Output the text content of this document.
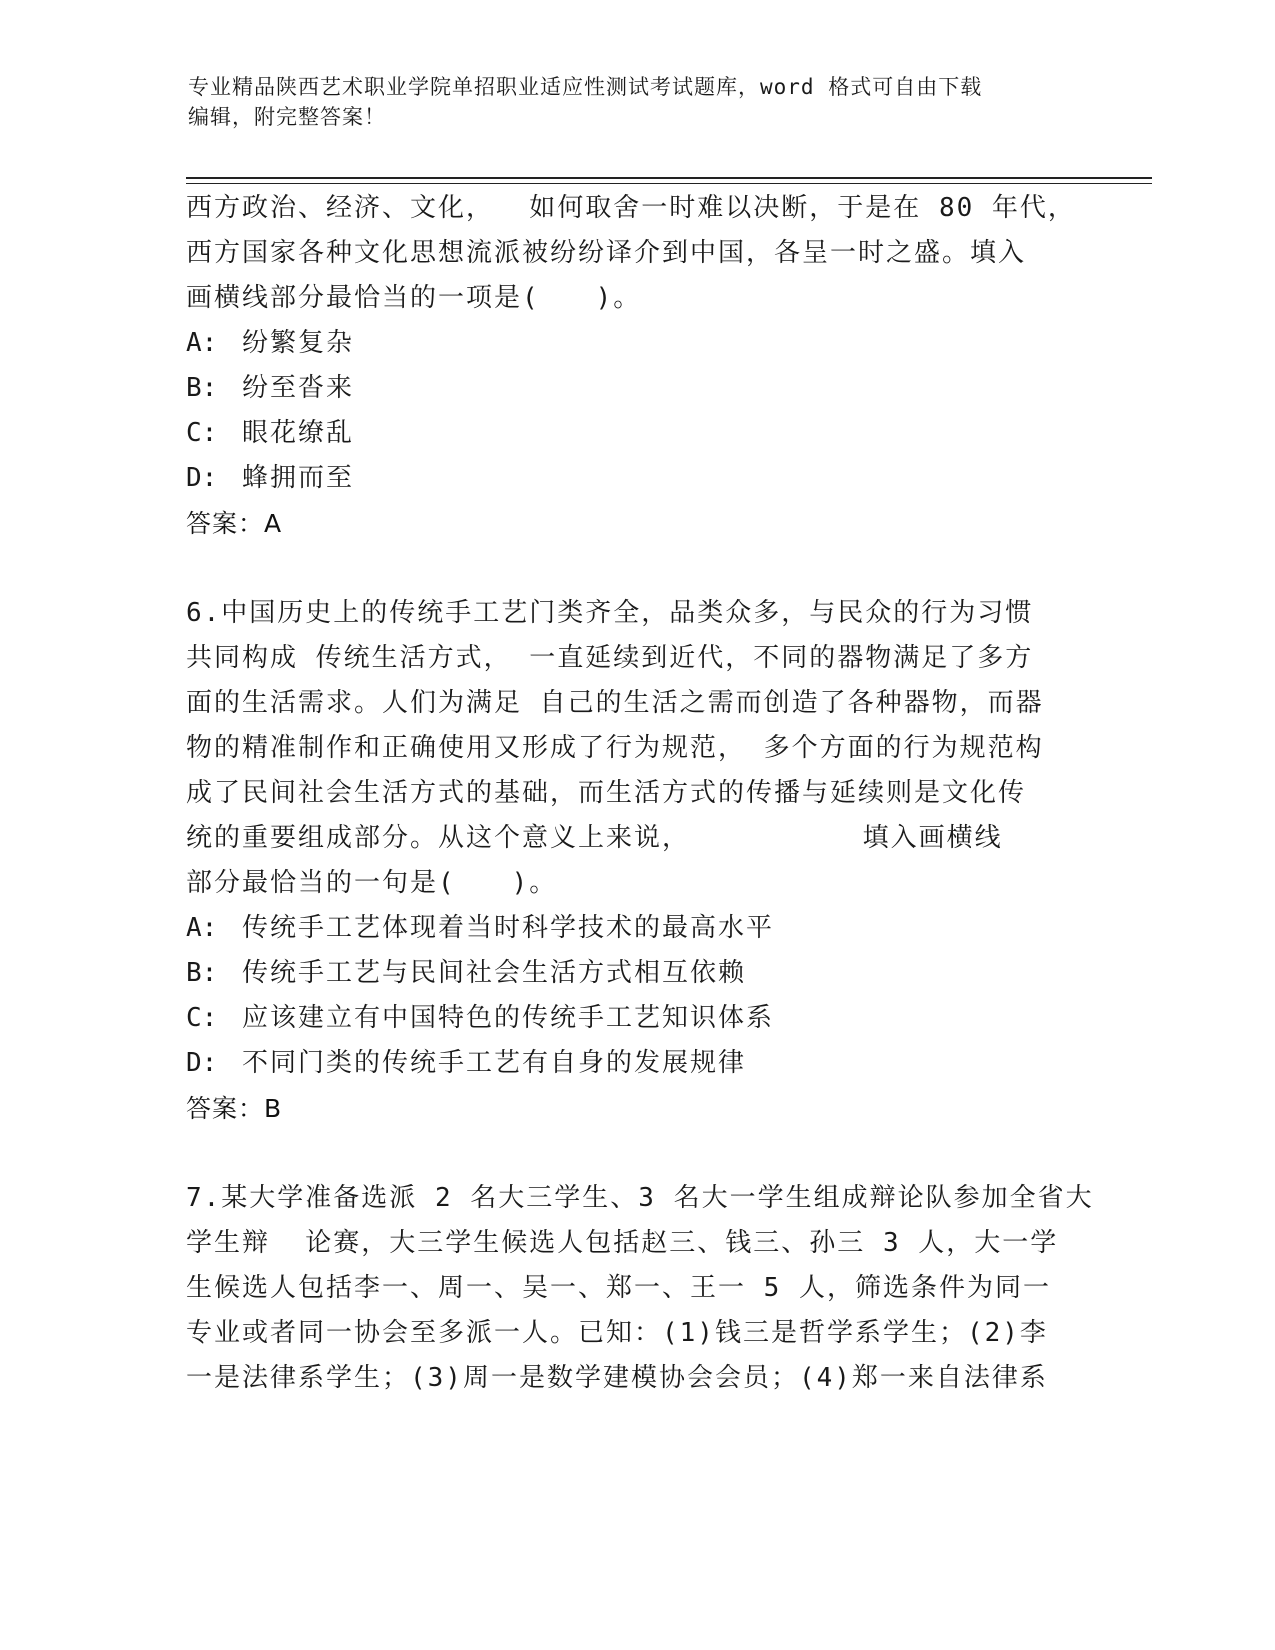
专业精品陕西艺术职业学院单招职业适应性测试考试题库，word 格式可自由下载
编辑，附完整答案！
西方政治、经济、文化，  如何取舍一时难以决断，于是在 80 年代，
西方国家各种文化思想流派被纷纷译介到中国，各呈一时之盛。填入
画横线部分最恰当的一项是(　　)。
A: 纷繁复杂
B: 纷至沓来
C: 眼花缭乱
D: 蜂拥而至
答案：A
6.中国历史上的传统手工艺门类齐全，品类众多，与民众的行为习惯
共同构成 传统生活方式， 一直延续到近代，不同的器物满足了多方
面的生活需求。人们为满足 自己的生活之需而创造了各种器物，而器
物的精准制作和正确使用又形成了行为规范， 多个方面的行为规范构
成了民间社会生活方式的基础，而生活方式的传播与延续则是文化传
统的重要组成部分。从这个意义上来说，　　　　　　 填入画横线
部分最恰当的一句是(　　)。
A: 传统手工艺体现着当时科学技术的最高水平
B: 传统手工艺与民间社会生活方式相互依赖
C: 应该建立有中国特色的传统手工艺知识体系
D: 不同门类的传统手工艺有自身的发展规律
答案：B
7.某大学准备选派 2 名大三学生、3 名大一学生组成辩论队参加全省大
学生辩  论赛，大三学生候选人包括赵三、钱三、孙三 3 人，大一学
生候选人包括李一、周一、吴一、郑一、王一 5 人，筛选条件为同一
专业或者同一协会至多派一人。已知：(1)钱三是哲学系学生；(2)李
一是法律系学生；(3)周一是数学建模协会会员；(4)郑一来自法律系
